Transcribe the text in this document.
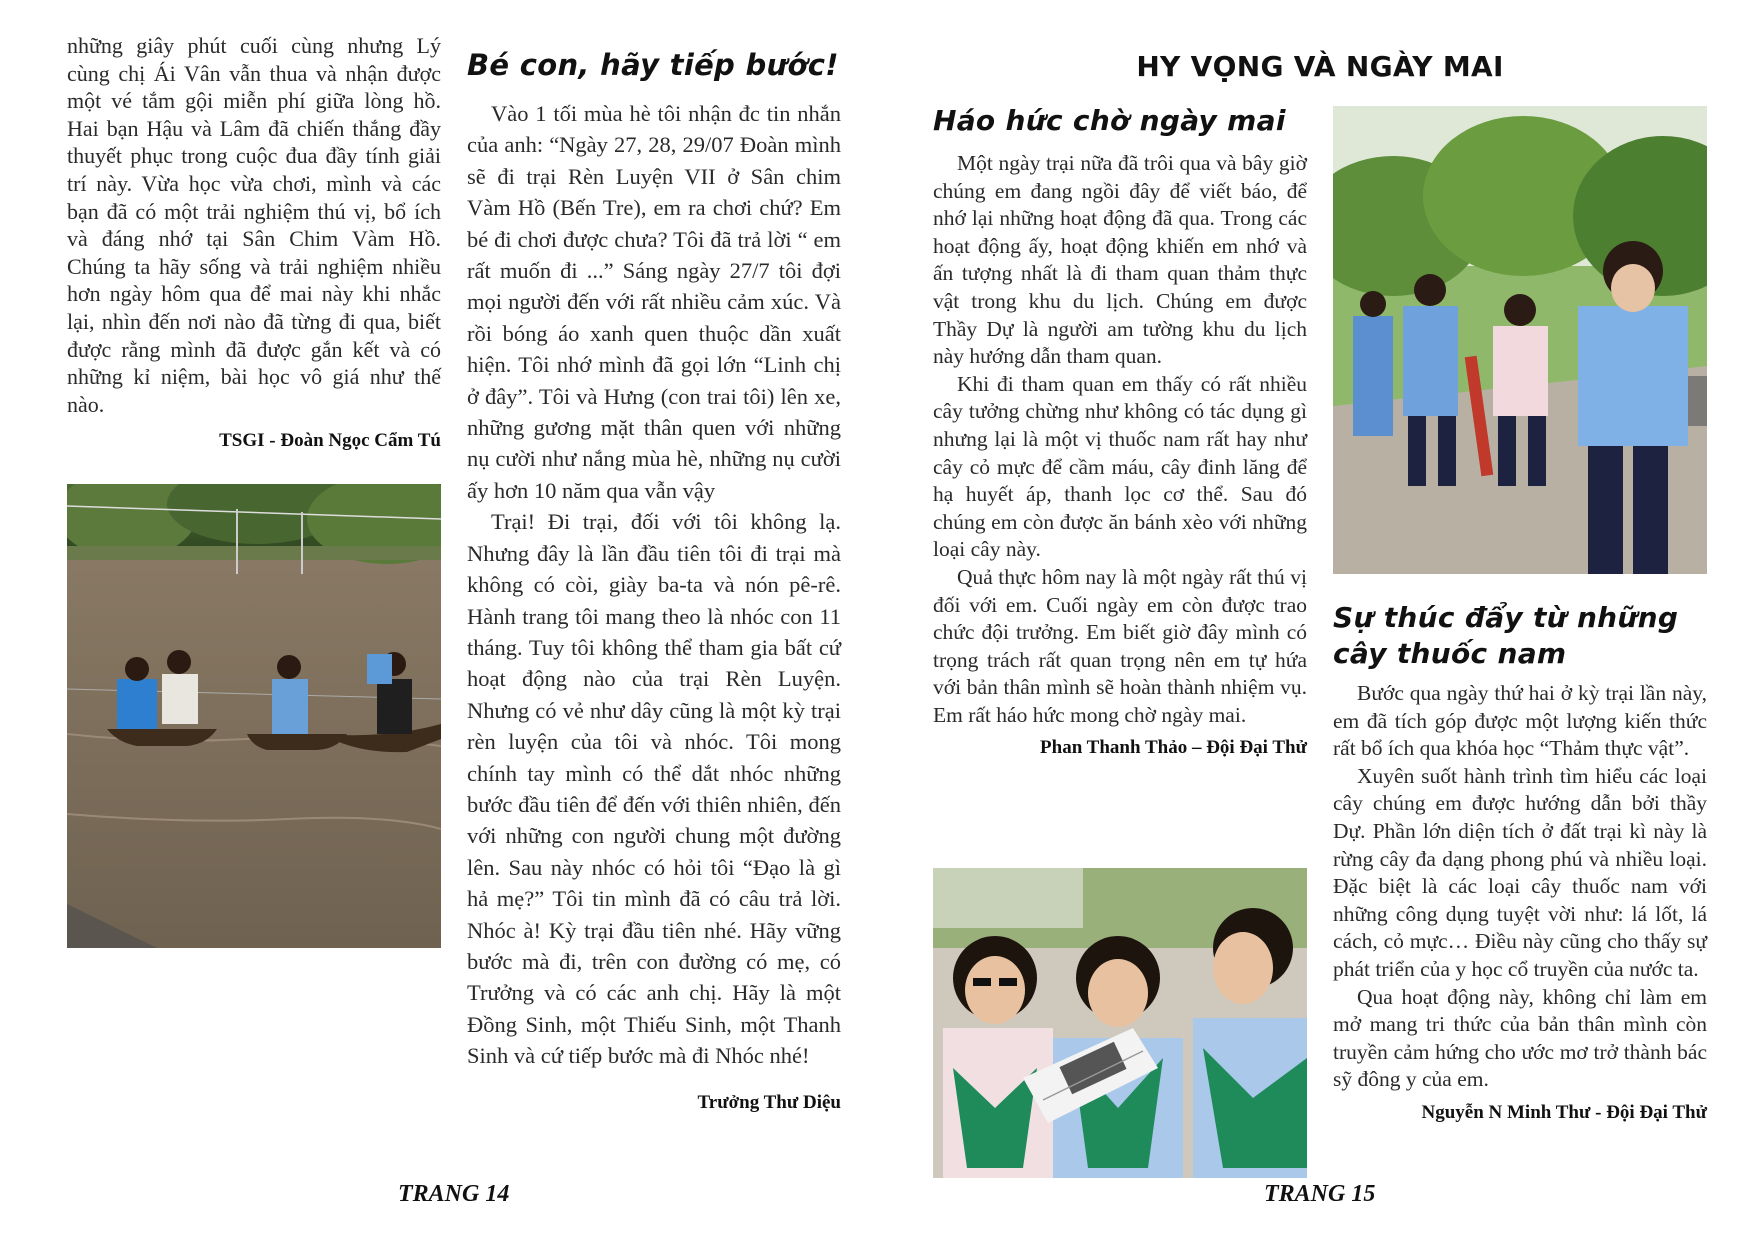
những giây phút cuối cùng nhưng Lý cùng chị Ái Vân vẫn thua và nhận được một vé tắm gội miễn phí giữa lòng hồ. Hai bạn Hậu và Lâm đã chiến thắng đầy thuyết phục trong cuộc đua đầy tính giải trí này. Vừa học vừa chơi, mình và các bạn đã có một trải nghiệm thú vị, bổ ích và đáng nhớ tại Sân Chim Vàm Hồ. Chúng ta hãy sống và trải nghiệm nhiều hơn ngày hôm qua để mai này khi nhắc lại, nhìn đến nơi nào đã từng đi qua, biết được rằng mình đã được gắn kết và có những kỉ niệm, bài học vô giá như thế nào.

TSGI - Đoàn Ngọc Cẩm Tú
Bé con, hãy tiếp bước!

Vào 1 tối mùa hè tôi nhận đc tin nhắn của anh: “Ngày 27, 28, 29/07 Đoàn mình sẽ đi trại Rèn Luyện VII ở Sân chim Vàm Hồ (Bến Tre), em ra chơi chứ? Em bé đi chơi được chưa? Tôi đã trả lời “ em rất muốn đi ...” Sáng ngày 27/7 tôi đợi mọi người đến với rất nhiều cảm xúc. Và rồi bóng áo xanh quen thuộc dần xuất hiện. Tôi nhớ mình đã gọi lớn “Linh chị ở đây”. Tôi và Hưng (con trai tôi) lên xe, những gương mặt thân quen với những nụ cười như nắng mùa hè, những nụ cười ấy hơn 10 năm qua vẫn vậy

Trại! Đi trại, đối với tôi không lạ. Nhưng đây là lần đầu tiên tôi đi trại mà không có còi, giày ba-ta và nón pê-rê. Hành trang tôi mang theo là nhóc con 11 tháng. Tuy tôi không thể tham gia bất cứ hoạt động nào của trại Rèn Luyện. Nhưng có vẻ như dây cũng là một kỳ trại rèn luyện của tôi và nhóc. Tôi mong chính tay mình có thể dắt nhóc những bước đầu tiên để đến với thiên nhiên, đến với những con người chung một đường lên. Sau này nhóc có hỏi tôi “Đạo là gì hả mẹ?” Tôi tin mình đã có câu trả lời. Nhóc à! Kỳ trại đầu tiên nhé. Hãy vững bước mà đi, trên con đường có mẹ, có Trưởng và có các anh chị. Hãy là một Đồng Sinh, một Thiếu Sinh, một Thanh Sinh và cứ tiếp bước mà đi Nhóc nhé!

Trưởng Thư Diệu
TRANG 14
HY VỌNG VÀ NGÀY MAI
Háo hức chờ ngày mai

Một ngày trại nữa đã trôi qua và bây giờ chúng em đang ngồi đây để viết báo, để nhớ lại những hoạt động đã qua. Trong các hoạt động ấy, hoạt động khiến em nhớ và ấn tượng nhất là đi tham quan thảm thực vật trong khu du lịch. Chúng em được Thầy Dự là người am tường khu du lịch này hướng dẫn tham quan.

Khi đi tham quan em thấy có rất nhiều cây tưởng chừng như không có tác dụng gì nhưng lại là một vị thuốc nam rất hay như cây cỏ mực để cầm máu, cây đinh lăng để hạ huyết áp, thanh lọc cơ thể. Sau đó chúng em còn được ăn bánh xèo với những loại cây này.

Quả thực hôm nay là một ngày rất thú vị đối với em. Cuối ngày em còn được trao chức đội trưởng. Em biết giờ đây mình có trọng trách rất quan trọng nên em tự hứa với bản thân mình sẽ hoàn thành nhiệm vụ. Em rất háo hức mong chờ ngày mai.

Phan Thanh Thảo – Đội Đại Thử
Sự thúc đẩy từ những cây thuốc nam

Bước qua ngày thứ hai ở kỳ trại lần này, em đã tích góp được một lượng kiến thức rất bổ ích qua khóa học “Thảm thực vật”.

Xuyên suốt hành trình tìm hiểu các loại cây chúng em được hướng dẫn bởi thầy Dự. Phần lớn diện tích ở đất trại kì này là rừng cây đa dạng phong phú và nhiều loại. Đặc biệt là các loại cây thuốc nam với những công dụng tuyệt vời như: lá lốt, lá cách, cỏ mực… Điều này cũng cho thấy sự phát triển của y học cổ truyền của nước ta.

Qua hoạt động này, không chỉ làm em mở mang tri thức của bản thân mình còn truyền cảm hứng cho ước mơ trở thành bác sỹ đông y của em.

Nguyễn N Minh Thư - Đội Đại Thử
TRANG 15
